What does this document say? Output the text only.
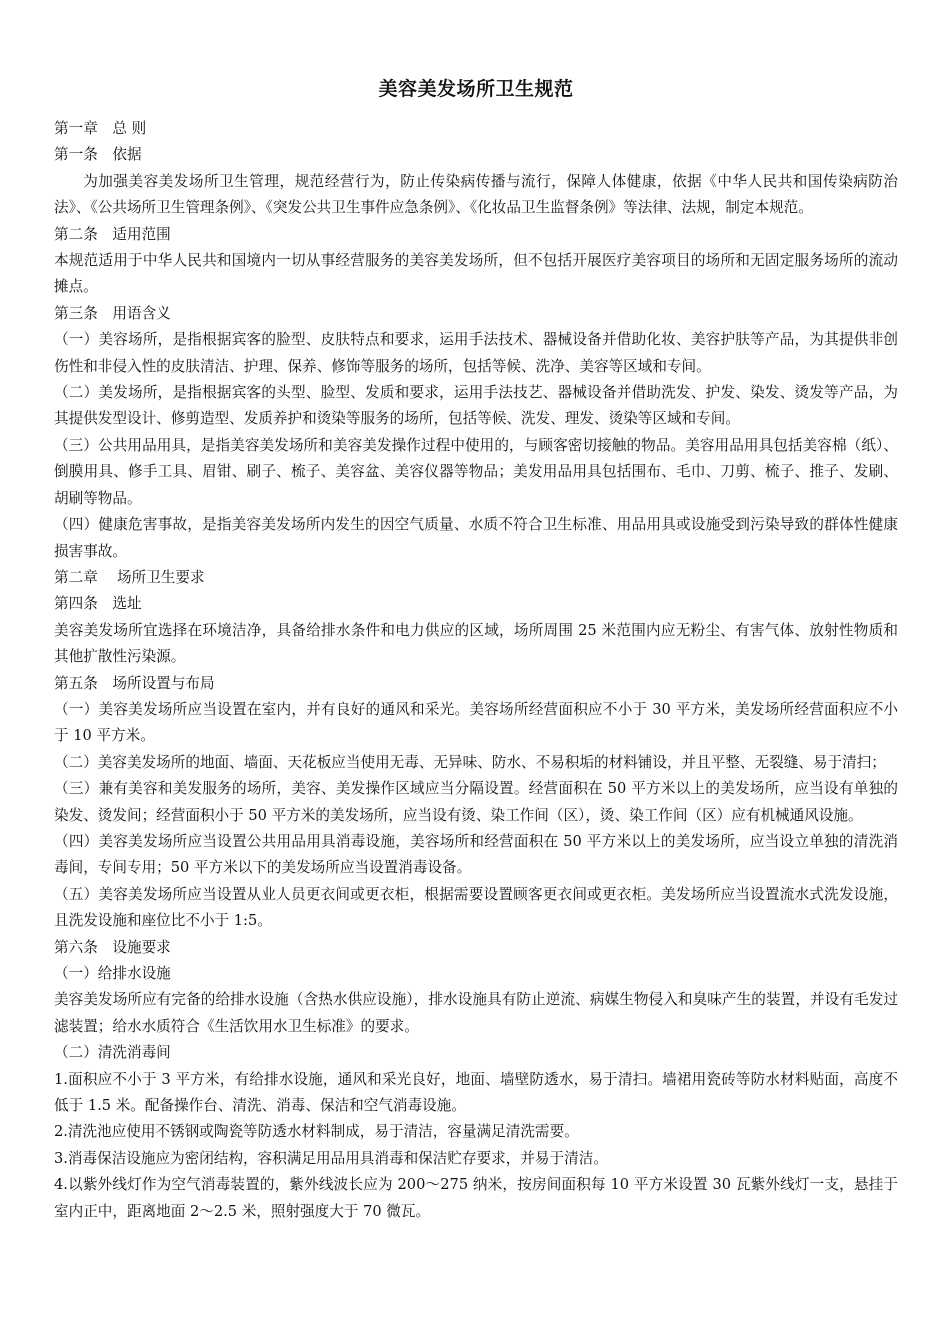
美容美发场所卫生规范

第一章　总 则

第一条　依据

为加强美容美发场所卫生管理，规范经营行为，防止传染病传播与流行，保障人体健康，依据《中华人民共和国传染病防治法》、《公共场所卫生管理条例》、《突发公共卫生事件应急条例》、《化妆品卫生监督条例》等法律、法规，制定本规范。

第二条　适用范围

本规范适用于中华人民共和国境内一切从事经营服务的美容美发场所，但不包括开展医疗美容项目的场所和无固定服务场所的流动摊点。

第三条　用语含义

（一）美容场所，是指根据宾客的脸型、皮肤特点和要求，运用手法技术、器械设备并借助化妆、美容护肤等产品，为其提供非创伤性和非侵入性的皮肤清洁、护理、保养、修饰等服务的场所，包括等候、洗净、美容等区域和专间。

（二）美发场所，是指根据宾客的头型、脸型、发质和要求，运用手法技艺、器械设备并借助洗发、护发、染发、烫发等产品，为其提供发型设计、修剪造型、发质养护和烫染等服务的场所，包括等候、洗发、理发、烫染等区域和专间。

（三）公共用品用具，是指美容美发场所和美容美发操作过程中使用的，与顾客密切接触的物品。美容用品用具包括美容棉（纸）、倒膜用具、修手工具、眉钳、刷子、梳子、美容盆、美容仪器等物品；美发用品用具包括围布、毛巾、刀剪、梳子、推子、发刷、胡刷等物品。

（四）健康危害事故，是指美容美发场所内发生的因空气质量、水质不符合卫生标准、用品用具或设施受到污染导致的群体性健康损害事故。

第二章　 场所卫生要求

第四条　选址

美容美发场所宜选择在环境洁净，具备给排水条件和电力供应的区域，场所周围 25 米范围内应无粉尘、有害气体、放射性物质和其他扩散性污染源。

第五条　场所设置与布局

（一）美容美发场所应当设置在室内，并有良好的通风和采光。美容场所经营面积应不小于 30 平方米，美发场所经营面积应不小于 10 平方米。

（二）美容美发场所的地面、墙面、天花板应当使用无毒、无异味、防水、不易积垢的材料铺设，并且平整、无裂缝、易于清扫；

（三）兼有美容和美发服务的场所，美容、美发操作区域应当分隔设置。经营面积在 50 平方米以上的美发场所，应当设有单独的染发、烫发间；经营面积小于 50 平方米的美发场所，应当设有烫、染工作间（区），烫、染工作间（区）应有机械通风设施。

（四）美容美发场所应当设置公共用品用具消毒设施，美容场所和经营面积在 50 平方米以上的美发场所，应当设立单独的清洗消毒间，专间专用；50 平方米以下的美发场所应当设置消毒设备。

（五）美容美发场所应当设置从业人员更衣间或更衣柜，根据需要设置顾客更衣间或更衣柜。美发场所应当设置流水式洗发设施，且洗发设施和座位比不小于 1:5。

第六条　设施要求

（一）给排水设施

美容美发场所应有完备的给排水设施（含热水供应设施），排水设施具有防止逆流、病媒生物侵入和臭味产生的装置，并设有毛发过滤装置；给水水质符合《生活饮用水卫生标准》的要求。

（二）清洗消毒间

1.面积应不小于 3 平方米，有给排水设施，通风和采光良好，地面、墙壁防透水，易于清扫。墙裙用瓷砖等防水材料贴面，高度不低于 1.5 米。配备操作台、清洗、消毒、保洁和空气消毒设施。

2.清洗池应使用不锈钢或陶瓷等防透水材料制成，易于清洁，容量满足清洗需要。

3.消毒保洁设施应为密闭结构，容积满足用品用具消毒和保洁贮存要求，并易于清洁。

4.以紫外线灯作为空气消毒装置的，紫外线波长应为 200～275 纳米，按房间面积每 10 平方米设置 30 瓦紫外线灯一支，悬挂于室内正中，距离地面 2～2.5 米，照射强度大于 70 微瓦。
